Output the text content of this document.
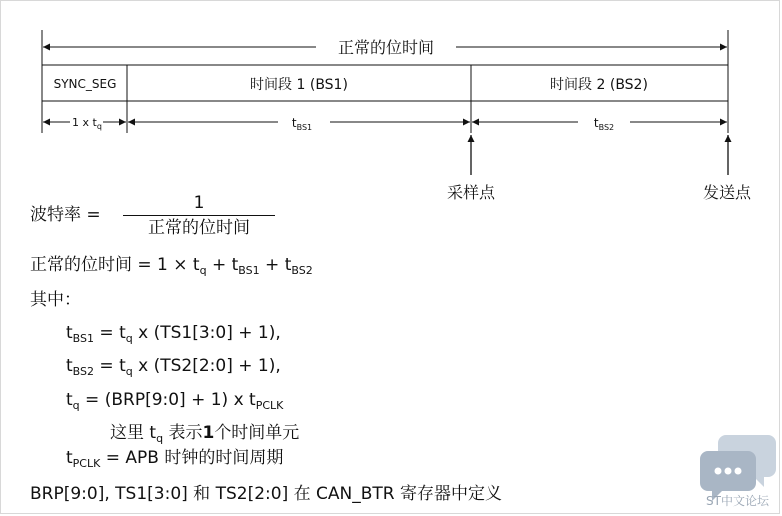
正常的位时间
SYNC_SEG	时间段 1 (BS1)	时间段 2 (BS2)
1 x $t_q$	$t_{BS1}$	$t_{BS2}$
采样点	发送点
波特率 =
1
正常的位时间
正常的位时间 = $1 \times t_q + t_{BS1} + t_{BS2}$
其中：
$t_{BS1} = t_q$ x (TS1[3:0] + 1),
$t_{BS2} = t_q$ x (TS2[2:0] + 1),
$t_q$ = (BRP[9:0] + 1) x $t_{PCLK}$
这里 $t_q$ 表示1个时间单元
$t_{PCLK}$ = APB 时钟的时间周期
BRP[9:0], TS1[3:0] 和 TS2[2:0] 在 CAN_BTR 寄存器中定义	ST中文论坛
